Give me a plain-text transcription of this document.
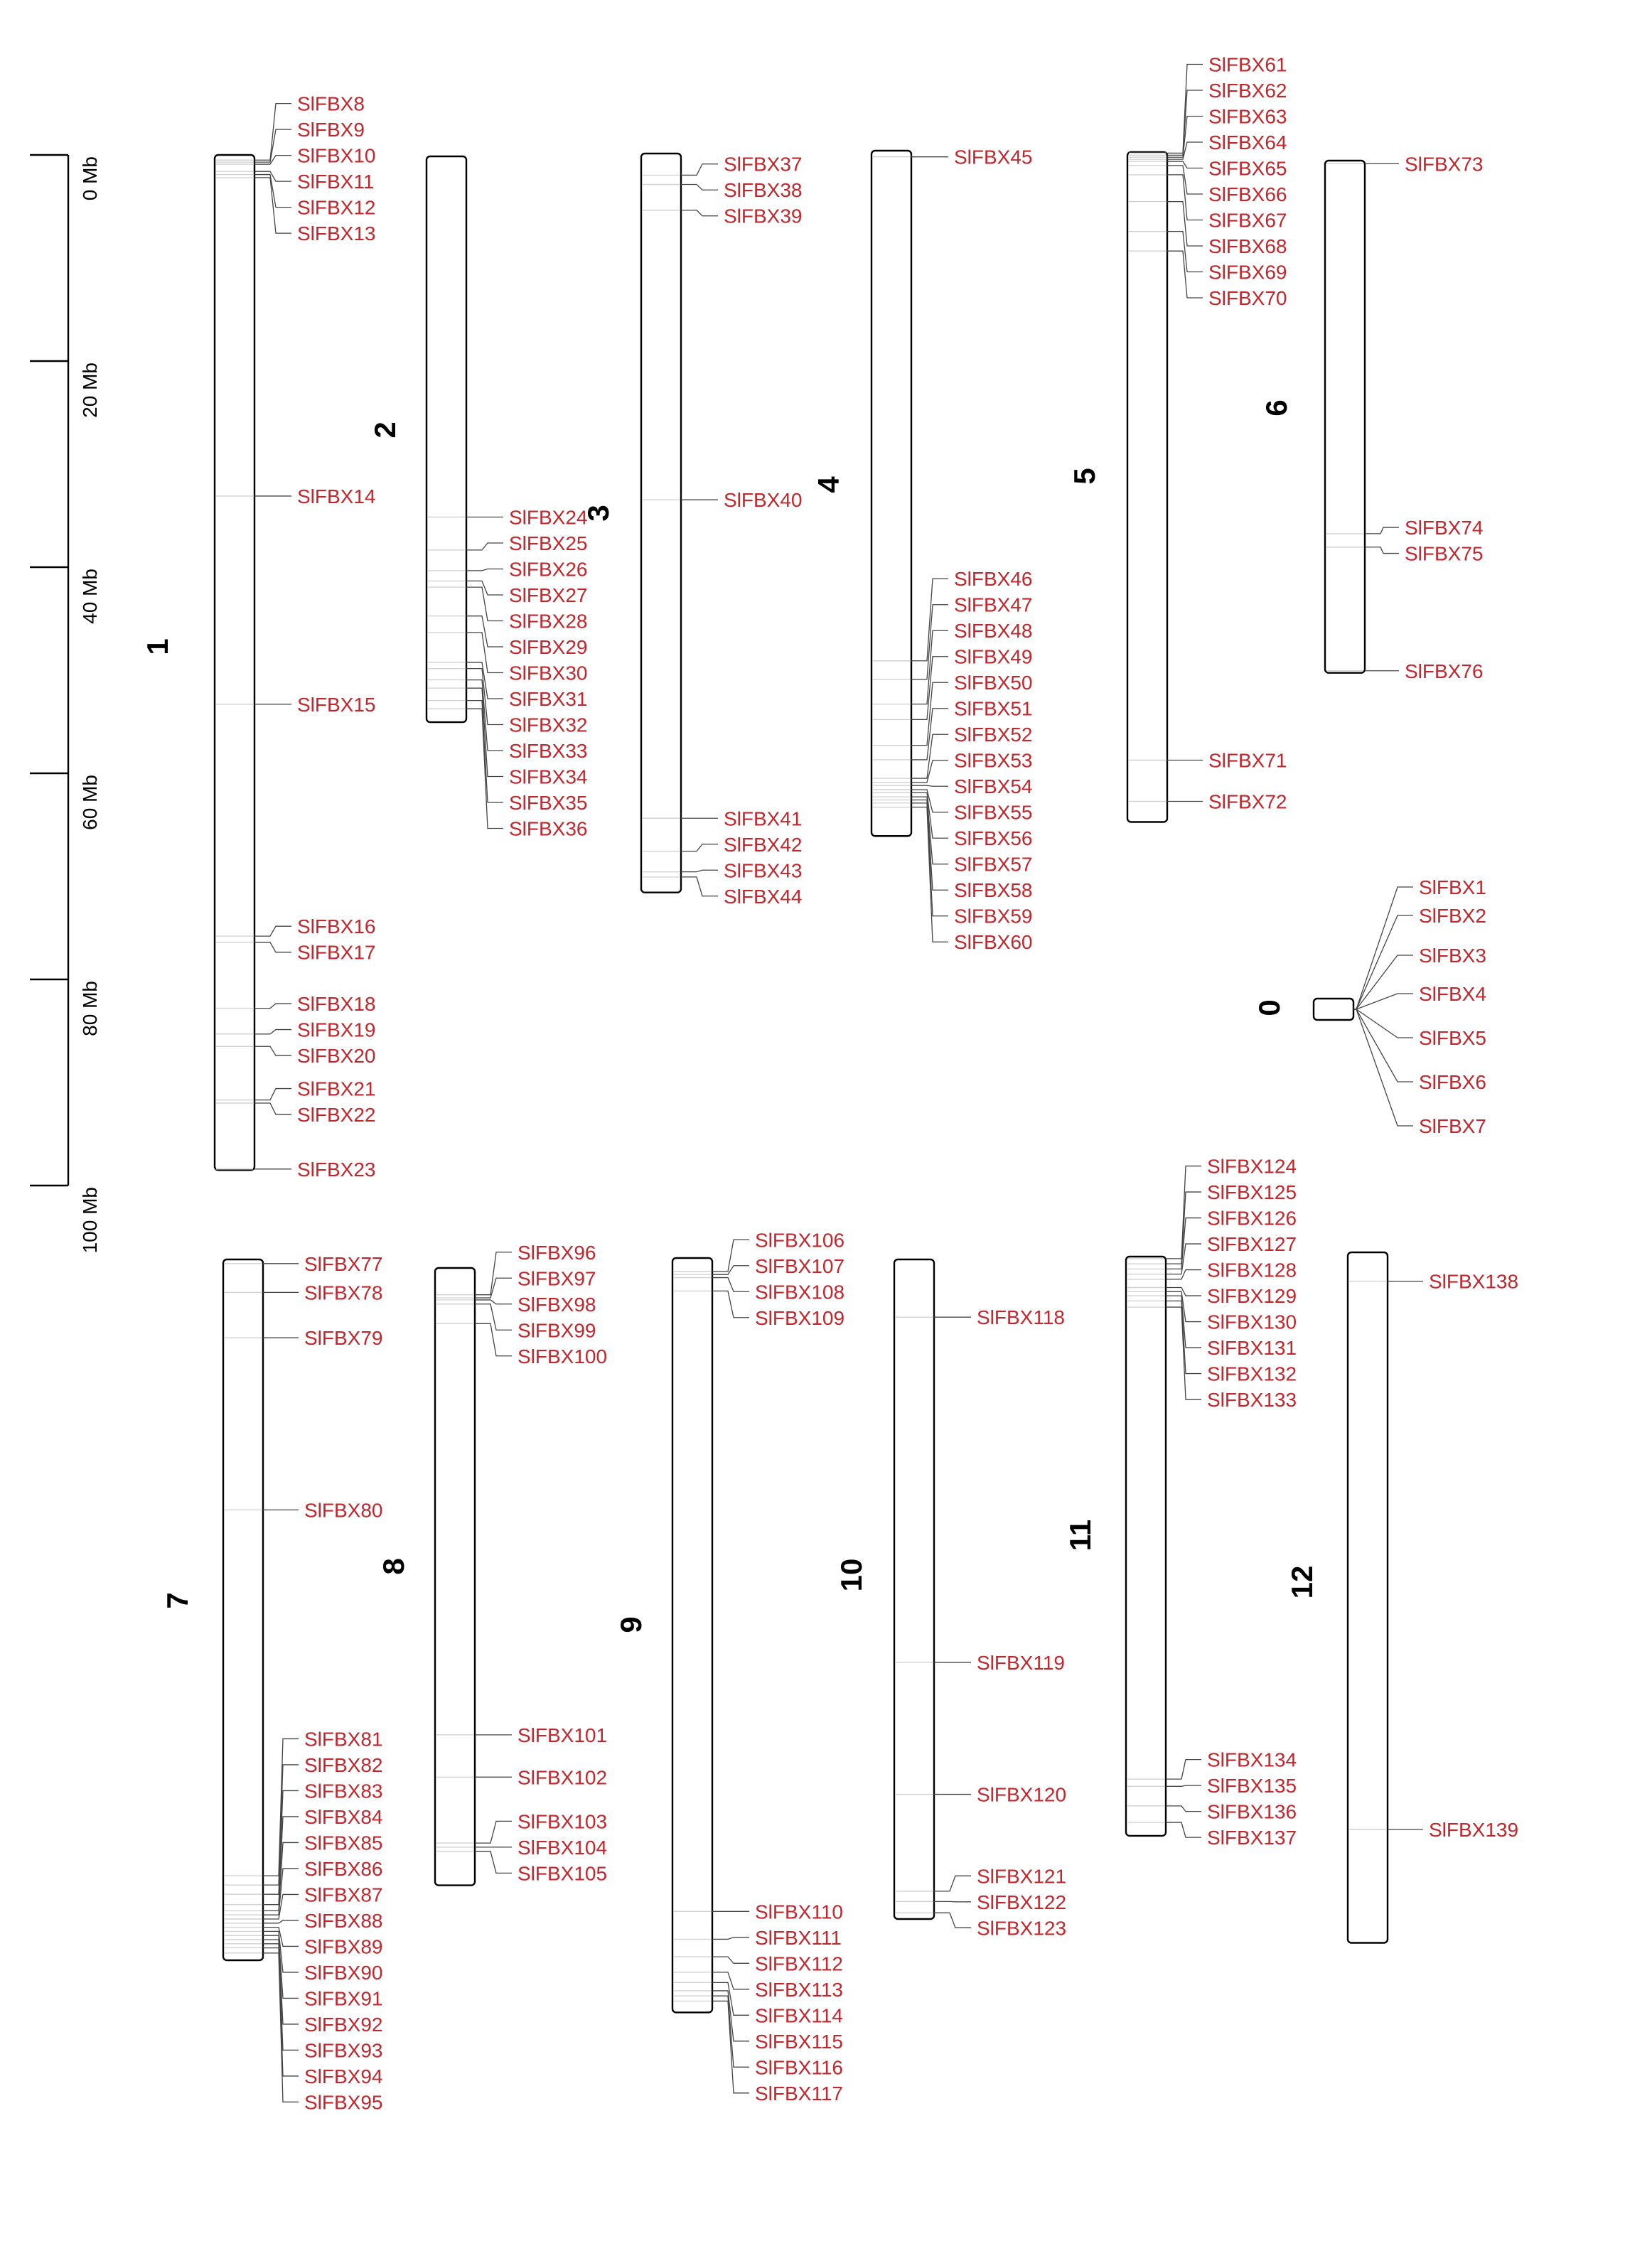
0 Mb
20 Mb
40 Mb
60 Mb
80 Mb
100 Mb
1
SlFBX8
SlFBX9
SlFBX10
SlFBX11
SlFBX12
SlFBX13
SlFBX14
SlFBX15
SlFBX16
SlFBX17
SlFBX18
SlFBX19
SlFBX20
SlFBX21
SlFBX22
SlFBX23
2
SlFBX24
SlFBX25
SlFBX26
SlFBX27
SlFBX28
SlFBX29
SlFBX30
SlFBX31
SlFBX32
SlFBX33
SlFBX34
SlFBX35
SlFBX36
3
SlFBX37
SlFBX38
SlFBX39
SlFBX40
SlFBX41
SlFBX42
SlFBX43
SlFBX44
4
SlFBX45
SlFBX46
SlFBX47
SlFBX48
SlFBX49
SlFBX50
SlFBX51
SlFBX52
SlFBX53
SlFBX54
SlFBX55
SlFBX56
SlFBX57
SlFBX58
SlFBX59
SlFBX60
5
SlFBX61
SlFBX62
SlFBX63
SlFBX64
SlFBX65
SlFBX66
SlFBX67
SlFBX68
SlFBX69
SlFBX70
SlFBX71
SlFBX72
6
SlFBX73
SlFBX74
SlFBX75
SlFBX76
0
SlFBX1
SlFBX2
SlFBX3
SlFBX4
SlFBX5
SlFBX6
SlFBX7
7
SlFBX77
SlFBX78
SlFBX79
SlFBX80
SlFBX81
SlFBX82
SlFBX83
SlFBX84
SlFBX85
SlFBX86
SlFBX87
SlFBX88
SlFBX89
SlFBX90
SlFBX91
SlFBX92
SlFBX93
SlFBX94
SlFBX95
8
SlFBX96
SlFBX97
SlFBX98
SlFBX99
SlFBX100
SlFBX101
SlFBX102
SlFBX103
SlFBX104
SlFBX105
9
SlFBX106
SlFBX107
SlFBX108
SlFBX109
SlFBX110
SlFBX111
SlFBX112
SlFBX113
SlFBX114
SlFBX115
SlFBX116
SlFBX117
10
SlFBX118
SlFBX119
SlFBX120
SlFBX121
SlFBX122
SlFBX123
11
SlFBX124
SlFBX125
SlFBX126
SlFBX127
SlFBX128
SlFBX129
SlFBX130
SlFBX131
SlFBX132
SlFBX133
SlFBX134
SlFBX135
SlFBX136
SlFBX137
12
SlFBX138
SlFBX139
